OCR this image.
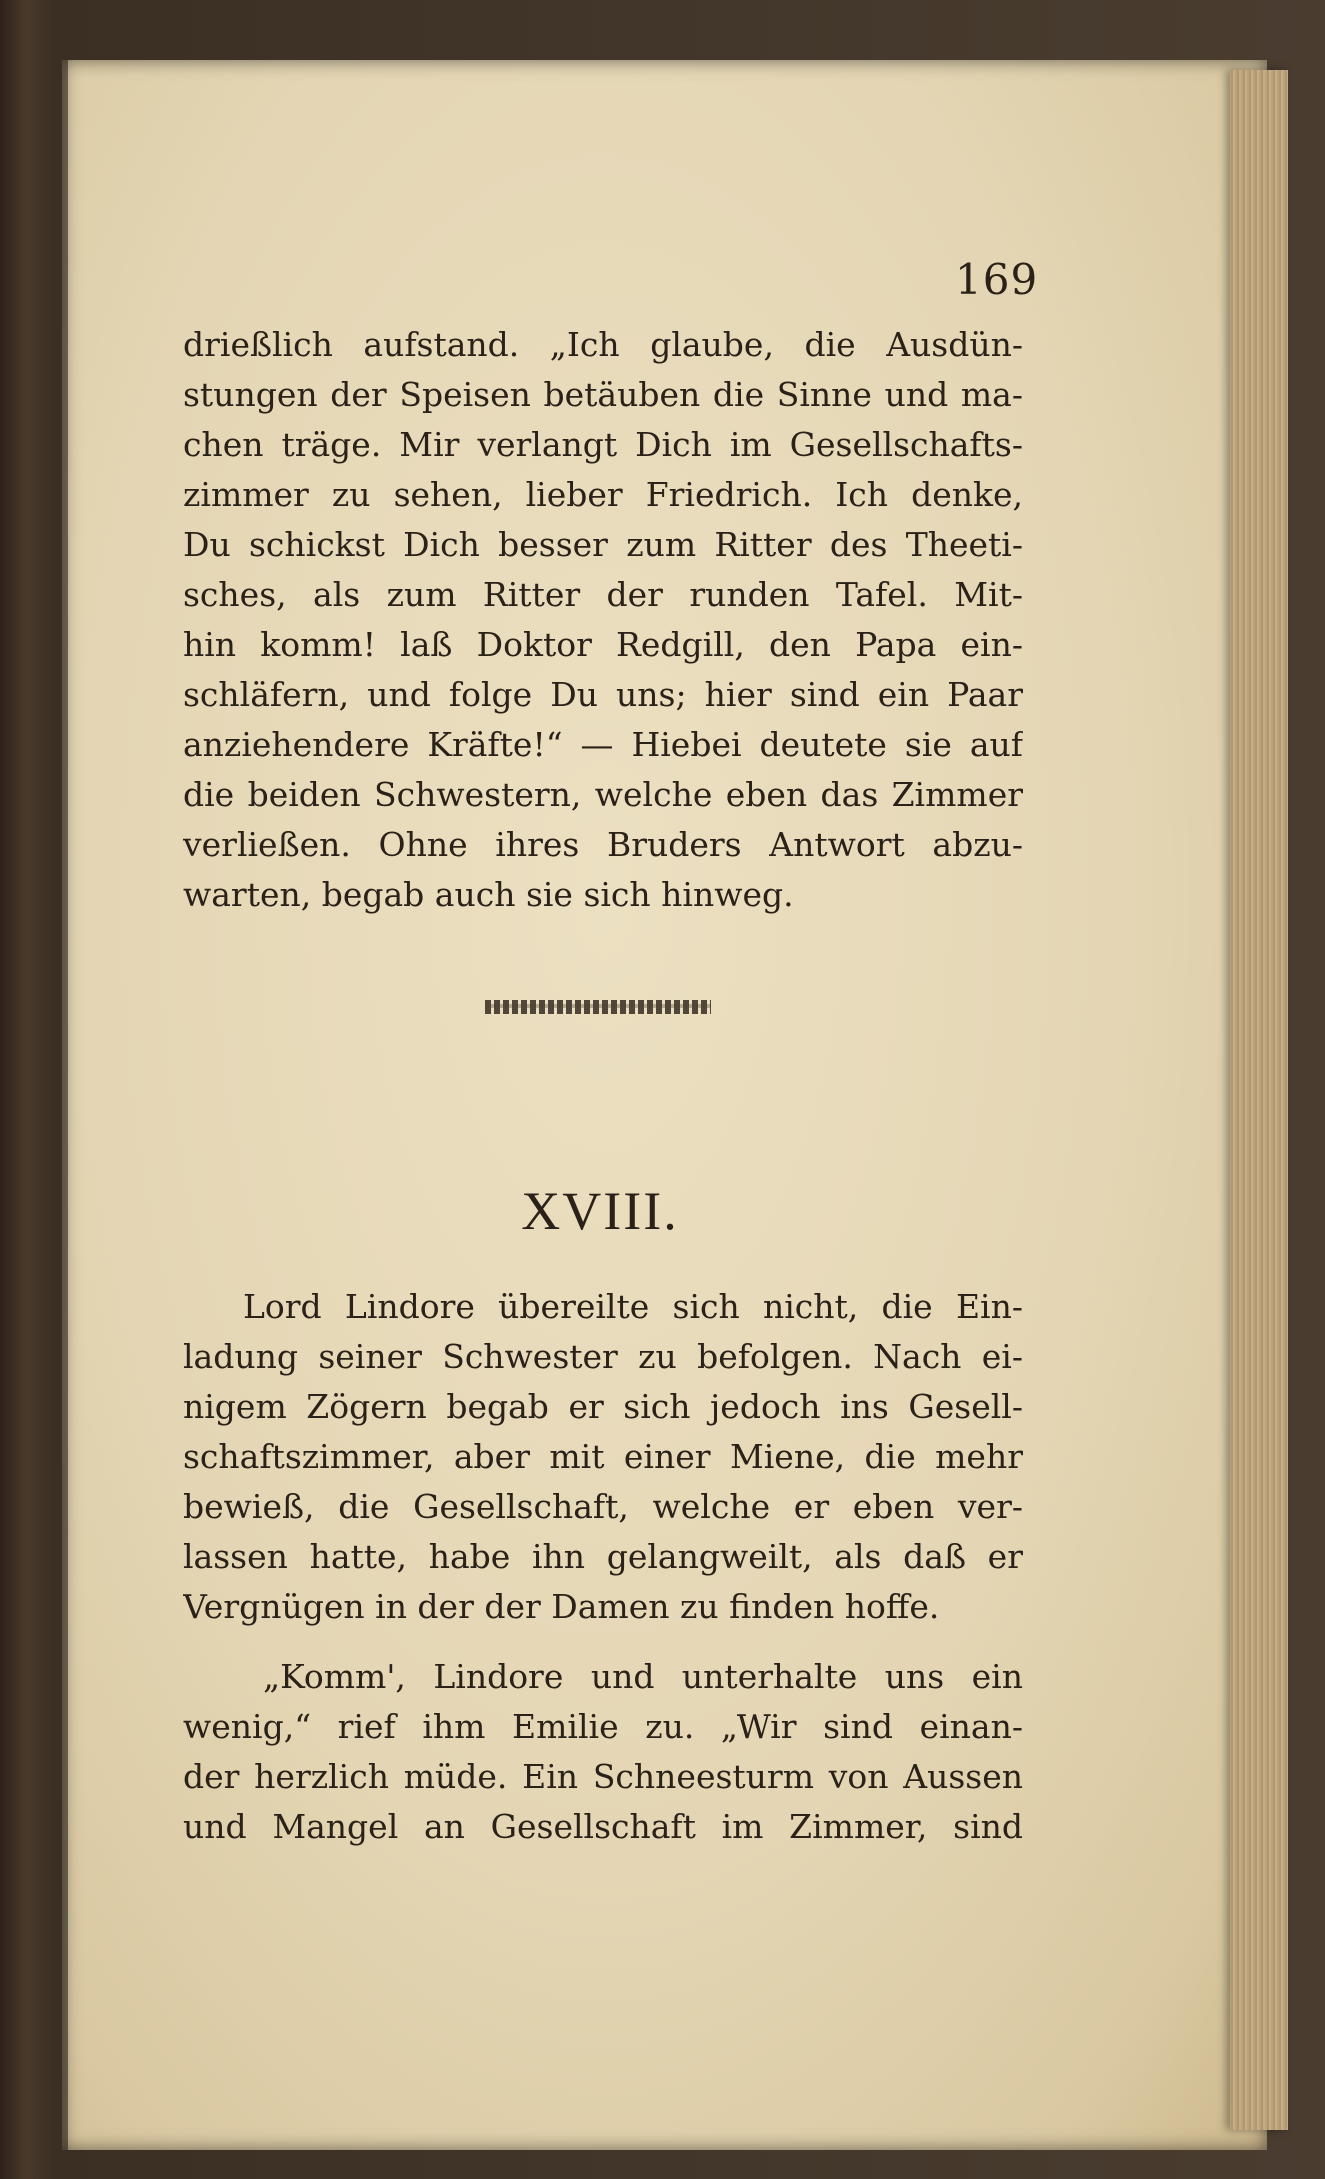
169
drießlich aufstand. „Ich glaube, die Ausdün-
stungen der Speisen betäuben die Sinne und ma-
chen träge. Mir verlangt Dich im Gesellschafts-
zimmer zu sehen, lieber Friedrich. Ich denke,
Du schickst Dich besser zum Ritter des Theeti-
sches, als zum Ritter der runden Tafel. Mit-
hin komm! laß Doktor Redgill, den Papa ein-
schläfern, und folge Du uns; hier sind ein Paar
anziehendere Kräfte!“ — Hiebei deutete sie auf
die beiden Schwestern, welche eben das Zimmer
verließen. Ohne ihres Bruders Antwort abzu-
warten, begab auch sie sich hinweg.
XVIII.
Lord Lindore übereilte sich nicht, die Ein-
ladung seiner Schwester zu befolgen. Nach ei-
nigem Zögern begab er sich jedoch ins Gesell-
schaftszimmer, aber mit einer Miene, die mehr
bewieß, die Gesellschaft, welche er eben ver-
lassen hatte, habe ihn gelangweilt, als daß er
Vergnügen in der der Damen zu finden hoffe.
„Komm', Lindore und unterhalte uns ein
wenig,“ rief ihm Emilie zu. „Wir sind einan-
der herzlich müde. Ein Schneesturm von Aussen
und Mangel an Gesellschaft im Zimmer, sind
